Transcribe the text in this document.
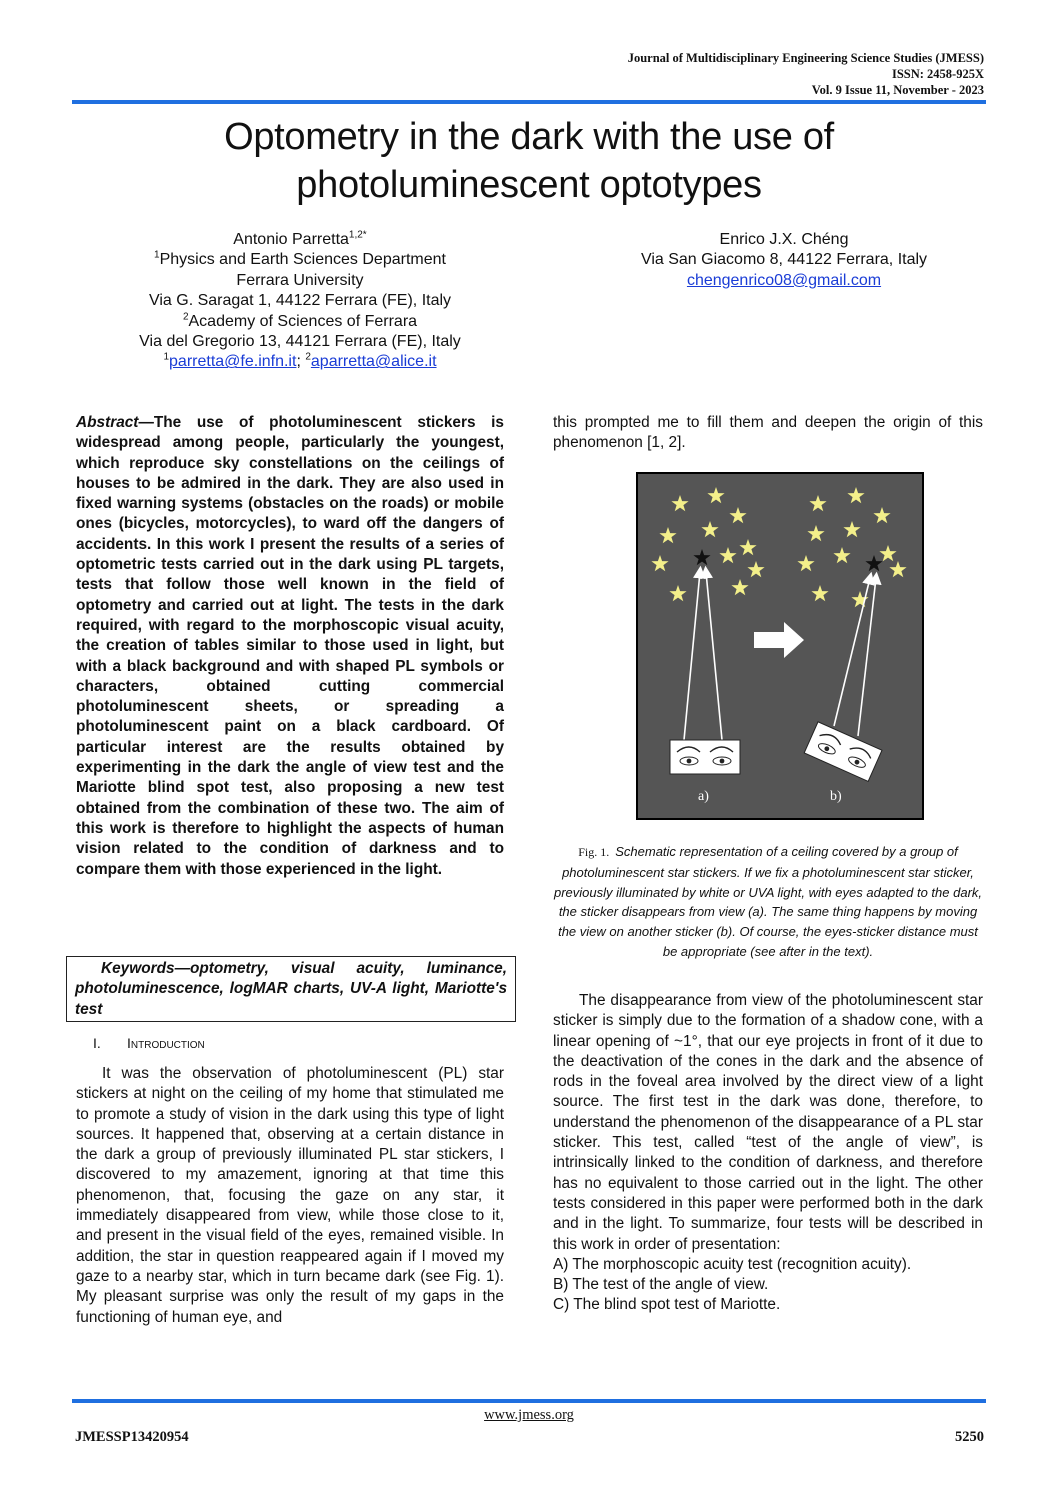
Journal of Multidisciplinary Engineering Science Studies (JMESS)
ISSN: 2458-925X
Vol. 9 Issue 11, November - 2023
Optometry in the dark with the use of
photoluminescent optotypes
Antonio Parretta$^{1,2*}$
$^1$Physics and Earth Sciences Department
Ferrara University
Via G. Saragat 1, 44122 Ferrara (FE), Italy
$^2$Academy of Sciences of Ferrara
Via del Gregorio 13, 44121 Ferrara (FE), Italy
$^1$parretta@fe.infn.it; $^2$aparretta@alice.it
Enrico J.X. Chéng
Via San Giacomo 8, 44122 Ferrara, Italy
chengenrico08@gmail.com
Abstract—The use of photoluminescent stickers is widespread among people, particularly the youngest, which reproduce sky constellations on the ceilings of houses to be admired in the dark. They are also used in fixed warning systems (obstacles on the roads) or mobile ones (bicycles, motorcycles), to ward off the dangers of accidents. In this work I present the results of a series of optometric tests carried out in the dark using PL targets, tests that follow those well known in the field of optometry and carried out at light. The tests in the dark required, with regard to the morphoscopic visual acuity, the creation of tables similar to those used in light, but with a black background and with shaped PL symbols or characters, obtained cutting commercial photoluminescent sheets, or spreading a photoluminescent paint on a black cardboard. Of particular interest are the results obtained by experimenting in the dark the angle of view test and the Mariotte blind spot test, also proposing a new test obtained from the combination of these two. The aim of this work is therefore to highlight the aspects of human vision related to the condition of darkness and to compare them with those experienced in the light.

Keywords—optometry, visual acuity, luminance, photoluminescence, logMAR charts, UV-A light, Mariotte's test

I. Introduction

It was the observation of photoluminescent (PL) star stickers at night on the ceiling of my home that stimulated me to promote a study of vision in the dark using this type of light sources. It happened that, observing at a certain distance in the dark a group of previously illuminated PL star stickers, I discovered to my amazement, ignoring at that time this phenomenon, that, focusing the gaze on any star, it immediately disappeared from view, while those close to it, and present in the visual field of the eyes, remained visible. In addition, the star in question reappeared again if I moved my gaze to a nearby star, which in turn became dark (see Fig. 1). My pleasant surprise was only the result of my gaps in the functioning of human eye, and

this prompted me to fill them and deepen the origin of this phenomenon [1, 2].

a)	b)
Fig. 1. Schematic representation of a ceiling covered by a group of photoluminescent star stickers. If we fix a photoluminescent star sticker, previously illuminated by white or UVA light, with eyes adapted to the dark, the sticker disappears from view (a). The same thing happens by moving the view on another sticker (b). Of course, the eyes-sticker distance must be appropriate (see after in the text).

The disappearance from view of the photoluminescent star sticker is simply due to the formation of a shadow cone, with a linear opening of ~1°, that our eye projects in front of it due to the deactivation of the cones in the dark and the absence of rods in the foveal area involved by the direct view of a light source. The first test in the dark was done, therefore, to understand the phenomenon of the disappearance of a PL star sticker. This test, called “test of the angle of view”, is intrinsically linked to the condition of darkness, and therefore has no equivalent to those carried out in the light. The other tests considered in this paper were performed both in the dark and in the light. To summarize, four tests will be described in this work in order of presentation:

A) The morphoscopic acuity test (recognition acuity).

B) The test of the angle of view.

C) The blind spot test of Mariotte.

www.jmess.org
JMESSP13420954	5250
